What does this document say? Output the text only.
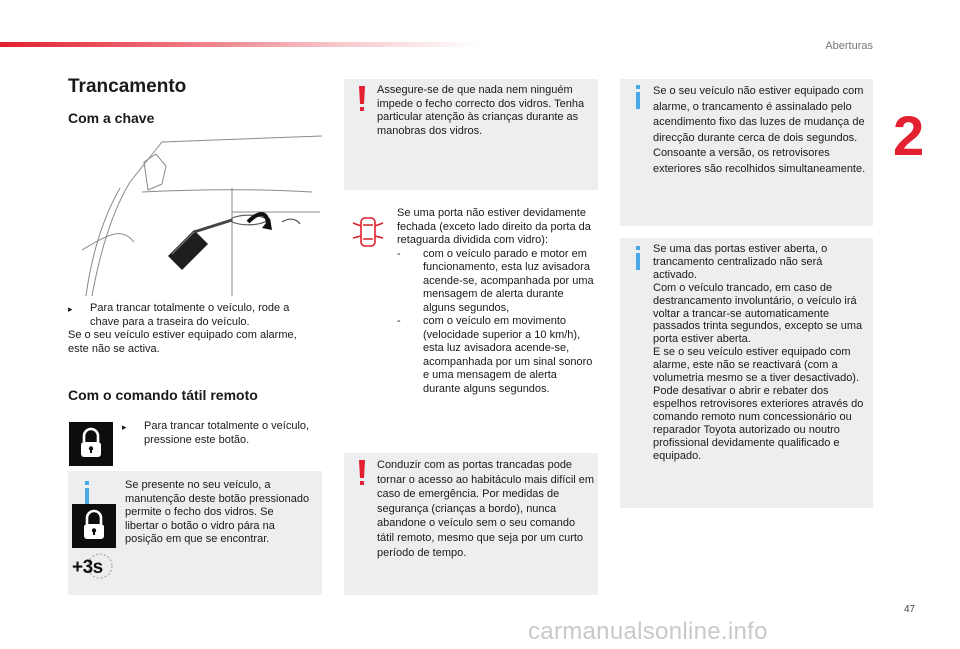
Aberturas
2
Trancamento
Com a chave
▸	Para trancar totalmente o veículo, rode a chave para a traseira do veículo.
Se o seu veículo estiver equipado com alarme, este não se activa.
Com o comando tátil remoto
▸	Para trancar totalmente o veículo, pressione este botão.
+3s
Se presente no seu veículo, a manutenção deste botão pressionado permite o fecho dos vidros. Se libertar o botão o vidro pára na posição em que se encontrar.
Assegure-se de que nada nem ninguém impede o fecho correcto dos vidros. Tenha particular atenção às crianças durante as manobras dos vidros.
Se uma porta não estiver devidamente fechada (exceto lado direito da porta da retaguarda dividida com vidro):
-	com o veículo parado e motor em funcionamento, esta luz avisadora acende-se, acompanhada por uma mensagem de alerta durante alguns segundos,
-	com o veículo em movimento (velocidade superior a 10 km/h), esta luz avisadora acende-se, acompanhada por um sinal sonoro e uma mensagem de alerta durante alguns segundos.
Conduzir com as portas trancadas pode tornar o acesso ao habitáculo mais difícil em caso de emergência. Por medidas de segurança (crianças a bordo), nunca abandone o veículo sem o seu comando tátil remoto, mesmo que seja por um curto período de tempo.
Se o seu veículo não estiver equipado com alarme, o trancamento é assinalado pelo acendimento fixo das luzes de mudança de direcção durante cerca de dois segundos.
Consoante a versão, os retrovisores exteriores são recolhidos simultaneamente.
Se uma das portas estiver aberta, o trancamento centralizado não será activado.
Com o veículo trancado, em caso de destrancamento involuntário, o veículo irá voltar a trancar-se automaticamente passados trinta segundos, excepto se uma porta estiver aberta.
E se o seu veículo estiver equipado com alarme, este não se reactivará (com a volumetria mesmo se a tiver desactivado).
Pode desativar o abrir e rebater dos espelhos retrovisores exteriores através do comando remoto num concessionário ou reparador Toyota autorizado ou noutro profissional devidamente qualificado e equipado.
47
carmanualsonline.info
